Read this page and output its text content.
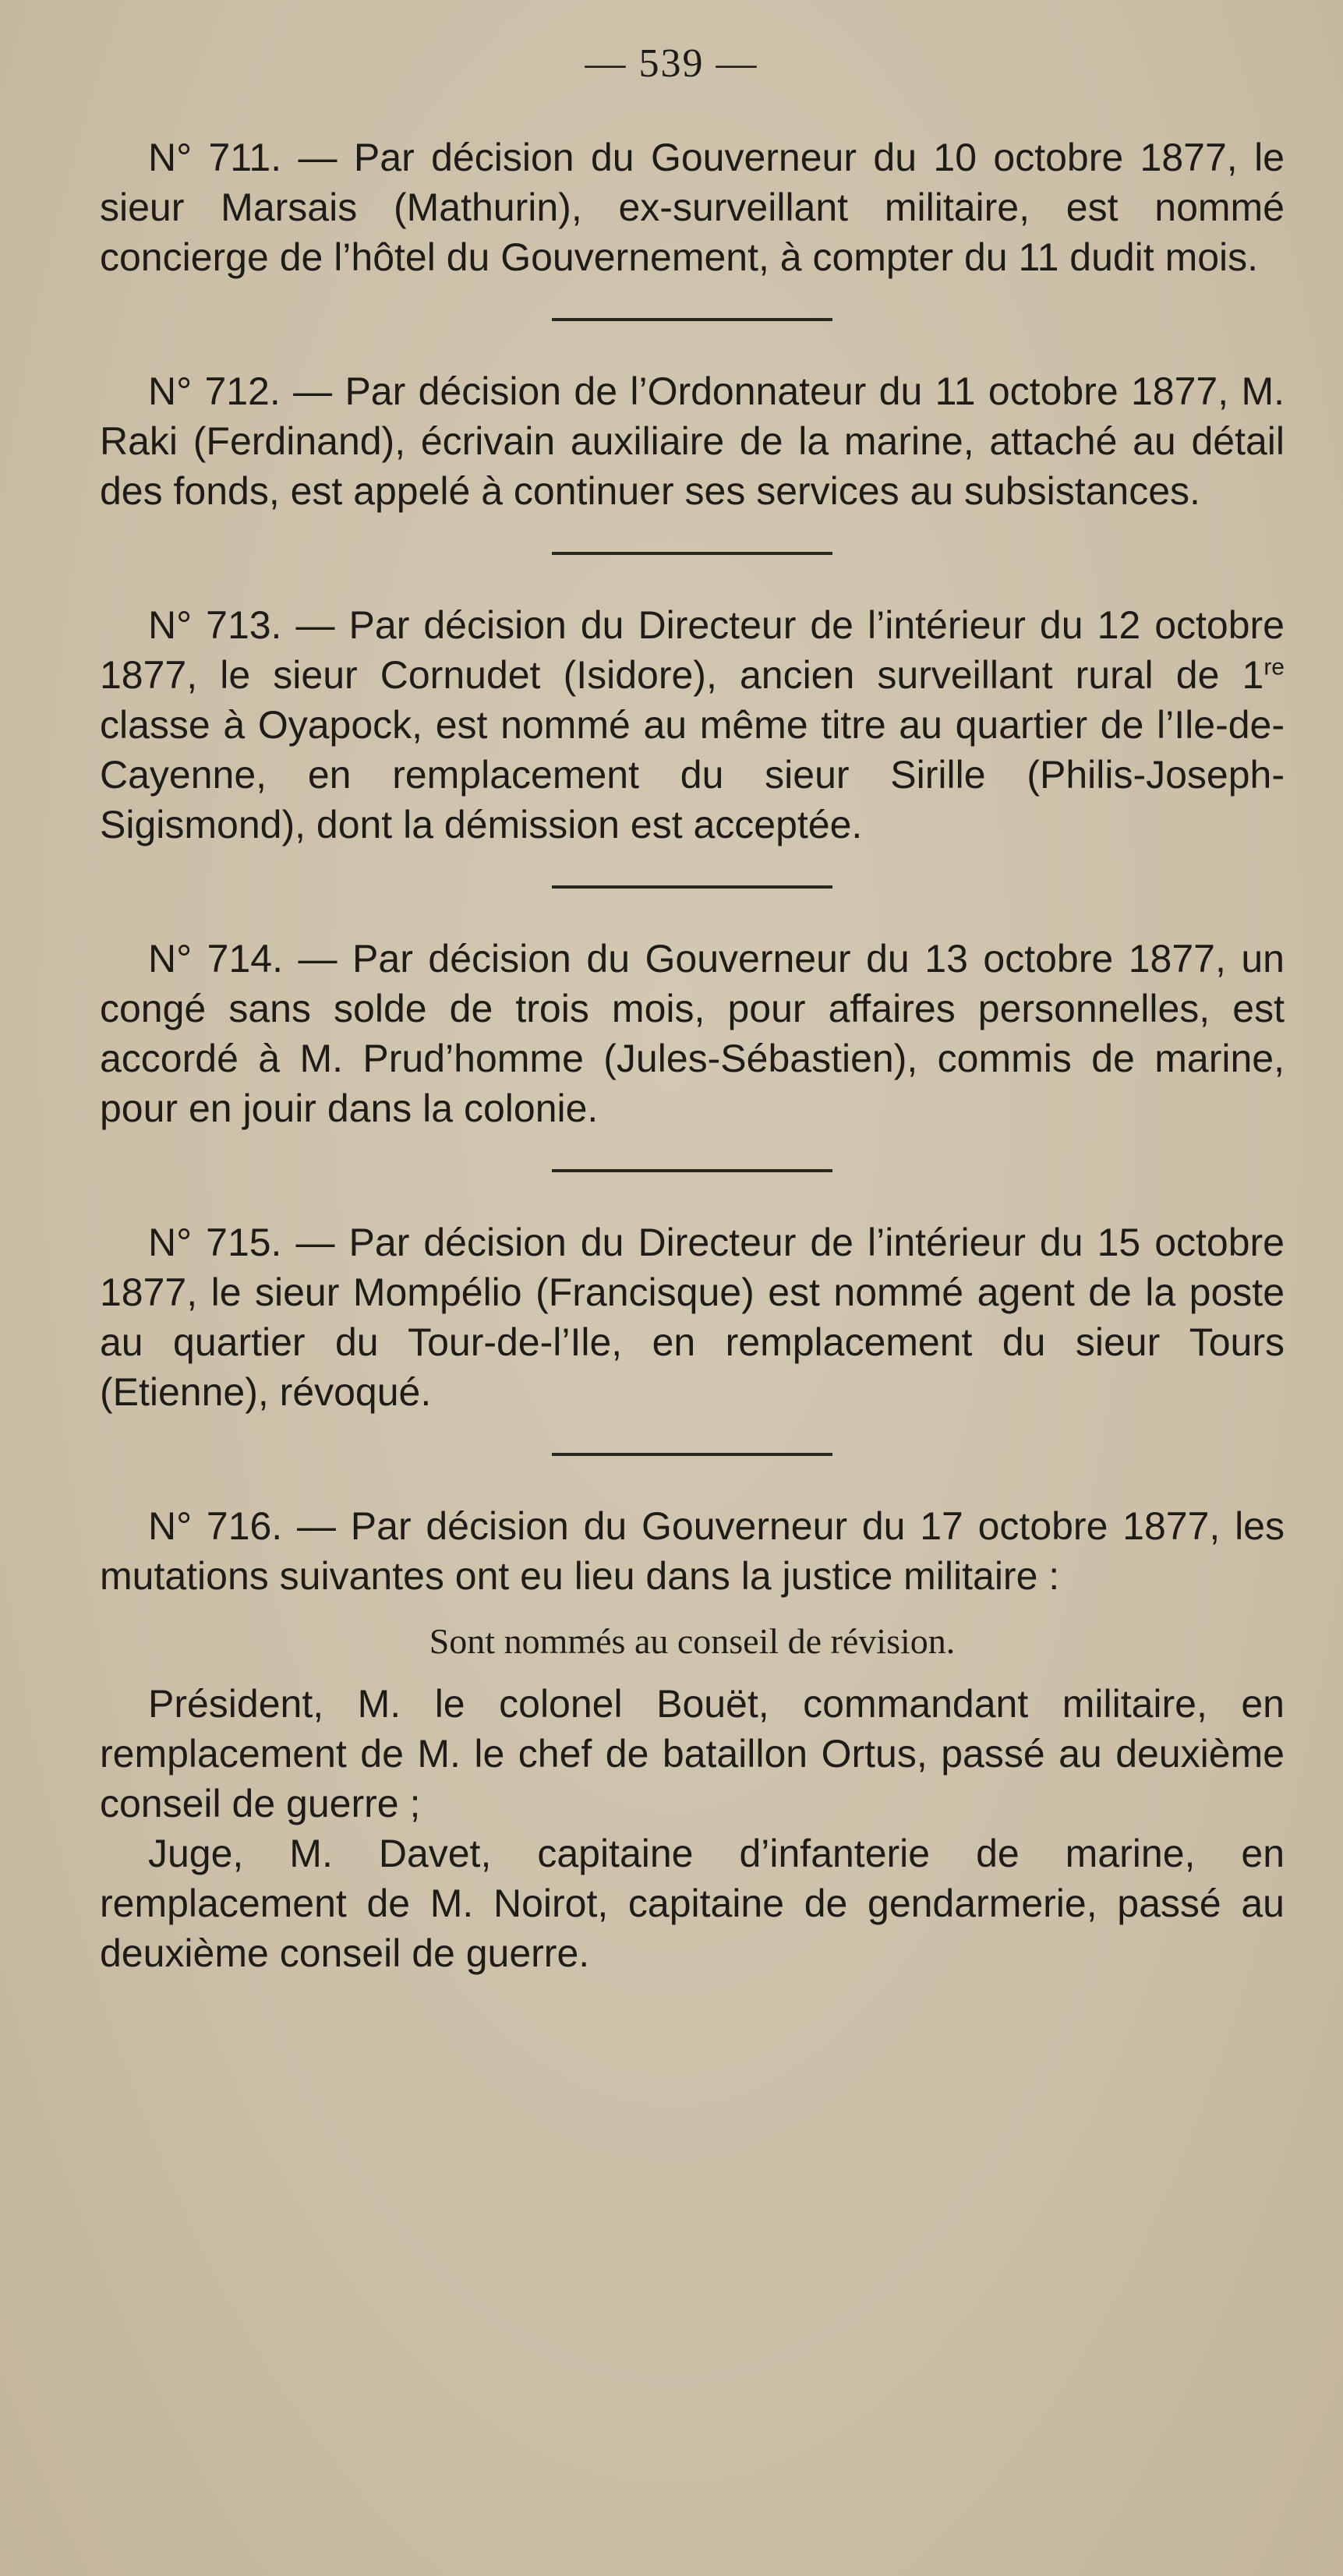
— 539 —

N° 711. — Par décision du Gouverneur du 10 octobre 1877, le sieur Marsais (Mathurin), ex-surveillant militaire, est nommé concierge de l’hôtel du Gouvernement, à compter du 11 dudit mois.

N° 712. — Par décision de l’Ordonnateur du 11 octobre 1877, M. Raki (Ferdinand), écrivain auxiliaire de la marine, attaché au détail des fonds, est appelé à continuer ses services au subsistances.

N° 713. — Par décision du Directeur de l’intérieur du 12 octobre 1877, le sieur Cornudet (Isidore), ancien surveillant rural de 1re classe à Oyapock, est nommé au même titre au quartier de l’Ile-de-Cayenne, en remplacement du sieur Sirille (Philis-Joseph-Sigismond), dont la démission est acceptée.

N° 714. — Par décision du Gouverneur du 13 octobre 1877, un congé sans solde de trois mois, pour affaires personnelles, est accordé à M. Prud’homme (Jules-Sébastien), commis de marine, pour en jouir dans la colonie.

N° 715. — Par décision du Directeur de l’intérieur du 15 octobre 1877, le sieur Mompélio (Francisque) est nommé agent de la poste au quartier du Tour-de-l’Ile, en remplacement du sieur Tours (Etienne), révoqué.

N° 716. — Par décision du Gouverneur du 17 octobre 1877, les mutations suivantes ont eu lieu dans la justice militaire :

Sont nommés au conseil de révision.

Président, M. le colonel Bouët, commandant militaire, en remplacement de M. le chef de bataillon Ortus, passé au deuxième conseil de guerre ;

Juge, M. Davet, capitaine d’infanterie de marine, en remplacement de M. Noirot, capitaine de gendarmerie, passé au deuxième conseil de guerre.
